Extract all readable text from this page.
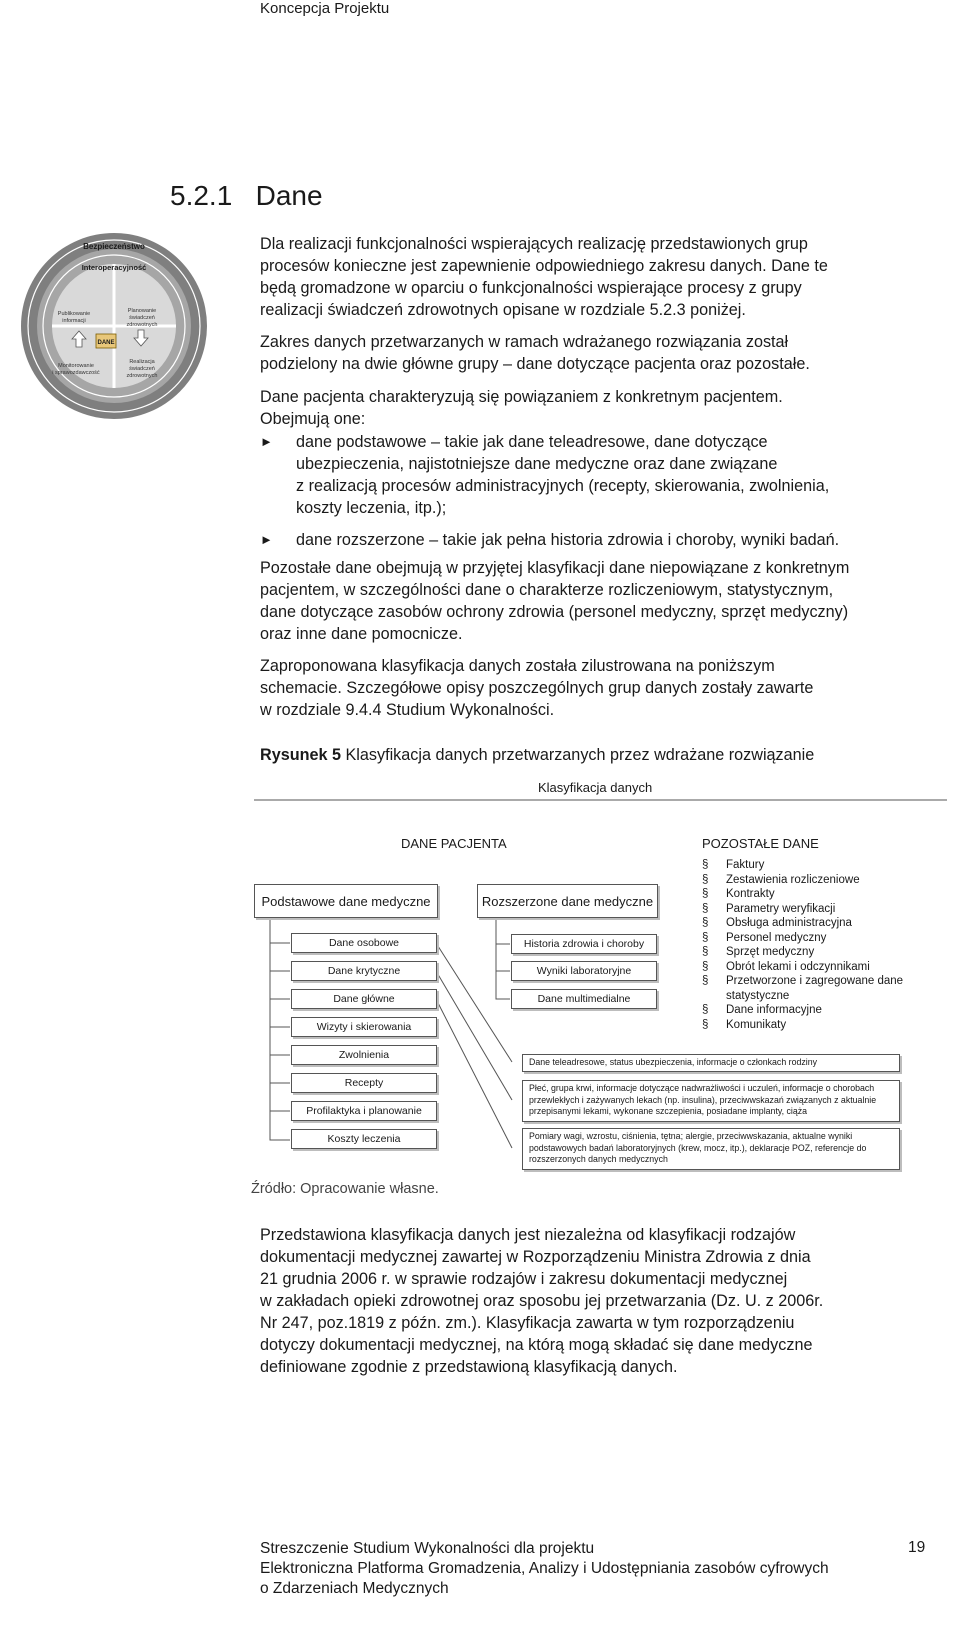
Koncepcja Projektu
5.2.1 Dane
Bezpieczeństwo
Interoperacyjność
Publikowanie
informacji
Planowanie
świadczeń
zdrowotnych
Monitorowanie
i sprawozdawczość
Realizacja
świadczeń
zdrowotnych
DANE
Dla realizacji funkcjonalności wspierających realizację przedstawionych grup
procesów konieczne jest zapewnienie odpowiedniego zakresu danych. Dane te
będą gromadzone w oparciu o funkcjonalności wspierające procesy z grupy
realizacji świadczeń zdrowotnych opisane w rozdziale 5.2.3 poniżej.
Zakres danych przetwarzanych w ramach wdrażanego rozwiązania został
podzielony na dwie główne grupy – dane dotyczące pacjenta oraz pozostałe.
Dane pacjenta charakteryzują się powiązaniem z konkretnym pacjentem.
Obejmują one:
►	dane podstawowe – takie jak dane teleadresowe, dane dotyczące
ubezpieczenia, najistotniejsze dane medyczne oraz dane związane
z realizacją procesów administracyjnych (recepty, skierowania, zwolnienia,
koszty leczenia, itp.);
►	dane rozszerzone – takie jak pełna historia zdrowia i choroby, wyniki badań.
Pozostałe dane obejmują w przyjętej klasyfikacji dane niepowiązane z konkretnym
pacjentem, w szczególności dane o charakterze rozliczeniowym, statystycznym,
dane dotyczące zasobów ochrony zdrowia (personel medyczny, sprzęt medyczny)
oraz inne dane pomocnicze.
Zaproponowana klasyfikacja danych została zilustrowana na poniższym
schemacie. Szczegółowe opisy poszczególnych grup danych zostały zawarte
w rozdziale 9.4.4 Studium Wykonalności.
Rysunek 5 Klasyfikacja danych przetwarzanych przez wdrażane rozwiązanie
Klasyfikacja danych
DANE PACJENTA	POZOSTAŁE DANE
Podstawowe dane medyczne	Rozszerzone dane medyczne
Dane osobowe
Dane krytyczne
Dane główne
Wizyty i skierowania
Zwolnienia
Recepty
Profilaktyka i planowanie
Koszty leczenia
Historia zdrowia i choroby
Wyniki laboratoryjne
Dane multimedialne
§	Faktury
§	Zestawienia rozliczeniowe
§	Kontrakty
§	Parametry weryfikacji
§	Obsługa administracyjna
§	Personel medyczny
§	Sprzęt medyczny
§	Obrót lekami i odczynnikami
§	Przetworzone i zagregowane dane statystyczne
§	Dane informacyjne
§	Komunikaty
Dane teleadresowe, status ubezpieczenia, informacje o członkach rodziny
Płeć, grupa krwi, informacje dotyczące nadwrażliwości i uczuleń, informacje o chorobach
przewlekłych i zażywanych lekach (np. insulina), przeciwwskazań związanych z aktualnie
przepisanymi lekami, wykonane szczepienia, posiadane implanty, ciąża
Pomiary wagi, wzrostu, ciśnienia, tętna; alergie, przeciwwskazania, aktualne wyniki
podstawowych badań laboratoryjnych (krew, mocz, itp.), deklaracje POZ, referencje do
rozszerzonych danych medycznych
Źródło: Opracowanie własne.
Przedstawiona klasyfikacja danych jest niezależna od klasyfikacji rodzajów
dokumentacji medycznej zawartej w Rozporządzeniu Ministra Zdrowia z dnia
21 grudnia 2006 r. w sprawie rodzajów i zakresu dokumentacji medycznej
w zakładach opieki zdrowotnej oraz sposobu jej przetwarzania (Dz. U. z 2006r.
Nr 247, poz.1819 z późn. zm.). Klasyfikacja zawarta w tym rozporządzeniu
dotyczy dokumentacji medycznej, na którą mogą składać się dane medyczne
definiowane zgodnie z przedstawioną klasyfikacją danych.
Streszczenie Studium Wykonalności dla projektu
Elektroniczna Platforma Gromadzenia, Analizy i Udostępniania zasobów cyfrowych
o Zdarzeniach Medycznych
19
